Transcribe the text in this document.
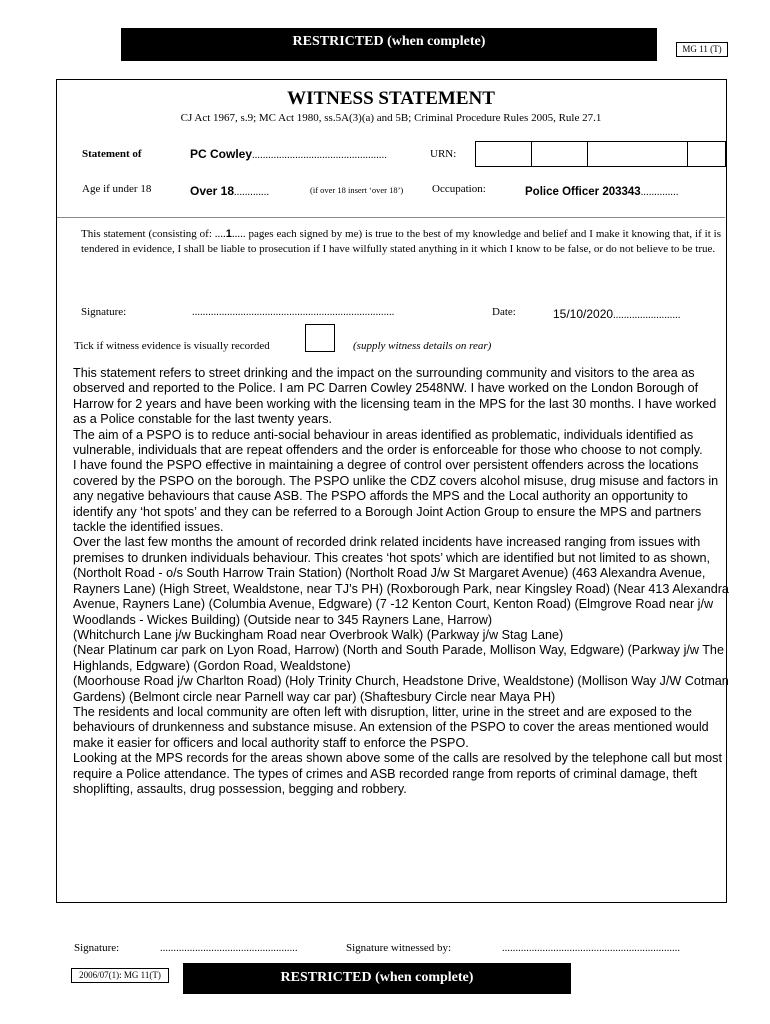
RESTRICTED (when complete)	MG 11 (T)
WITNESS STATEMENT
CJ Act 1967, s.9; MC Act 1980, ss.5A(3)(a) and 5B; Criminal Procedure Rules 2005, Rule 27.1
Statement of	PC Cowley..................................................	URN:
Age if under 18	Over 18.............	(if over 18 insert ‘over 18’)	Occupation:	Police Officer 203343..............
This statement (consisting of: ....1..... pages each signed by me) is true to the best of my knowledge and belief and I make it knowing that, if it is tendered in evidence, I shall be liable to prosecution if I have wilfully stated anything in it which I know to be false, or do not believe to be true.
Signature:	...........................................................................	Date:	15/10/2020.........................
Tick if witness evidence is visually recorded	(supply witness details on rear)

This statement refers to street drinking and the impact on the surrounding community and visitors to the area as observed and reported to the Police. I am PC Darren Cowley 2548NW. I have worked on the London Borough of Harrow for 2 years and have been working with the licensing team in the MPS for the last 30 months. I have worked as a Police constable for the last twenty years.

The aim of a PSPO is to reduce anti-social behaviour in areas identified as problematic, individuals identified as vulnerable, individuals that are repeat offenders and the order is enforceable for those who choose to not comply.

I have found the PSPO effective in maintaining a degree of control over persistent offenders across the locations covered by the PSPO on the borough. The PSPO unlike the CDZ covers alcohol misuse, drug misuse and factors in any negative behaviours that cause ASB. The PSPO affords the MPS and the Local authority an opportunity to identify any ‘hot spots’ and they can be referred to a Borough Joint Action Group to ensure the MPS and partners tackle the identified issues.

Over the last few months the amount of recorded drink related incidents have increased ranging from issues with premises to drunken individuals behaviour. This creates ‘hot spots’ which are identified but not limited to as shown,

(Northolt Road - o/s South Harrow Train Station) (Northolt Road J/w St Margaret Avenue) (463 Alexandra Avenue, Rayners Lane) (High Street, Wealdstone, near TJ’s PH) (Roxborough Park, near Kingsley Road) (Near 413 Alexandra Avenue, Rayners Lane) (Columbia Avenue, Edgware) (7 -12 Kenton Court, Kenton Road) (Elmgrove Road near j/w Woodlands - Wickes Building) (Outside near to 345 Rayners Lane, Harrow)

(Whitchurch Lane j/w Buckingham Road near Overbrook Walk) (Parkway j/w Stag Lane)

(Near Platinum car park on Lyon Road, Harrow) (North and South Parade, Mollison Way, Edgware) (Parkway j/w The Highlands, Edgware) (Gordon Road, Wealdstone)

(Moorhouse Road j/w Charlton Road) (Holy Trinity Church, Headstone Drive, Wealdstone) (Mollison Way J/W Cotman Gardens) (Belmont circle near Parnell way car par) (Shaftesbury Circle near Maya PH)

The residents and local community are often left with disruption, litter, urine in the street and are exposed to the behaviours of drunkenness and substance misuse. An extension of the PSPO to cover the areas mentioned would make it easier for officers and local authority staff to enforce the PSPO.

Looking at the MPS records for the areas shown above some of the calls are resolved by the telephone call but most require a Police attendance. The types of crimes and ASB recorded range from reports of criminal damage, theft shoplifting, assaults, drug possession, begging and robbery.

Signature:	...................................................	Signature witnessed by:	..................................................................
2006/07(1): MG 11(T)	RESTRICTED (when complete)
